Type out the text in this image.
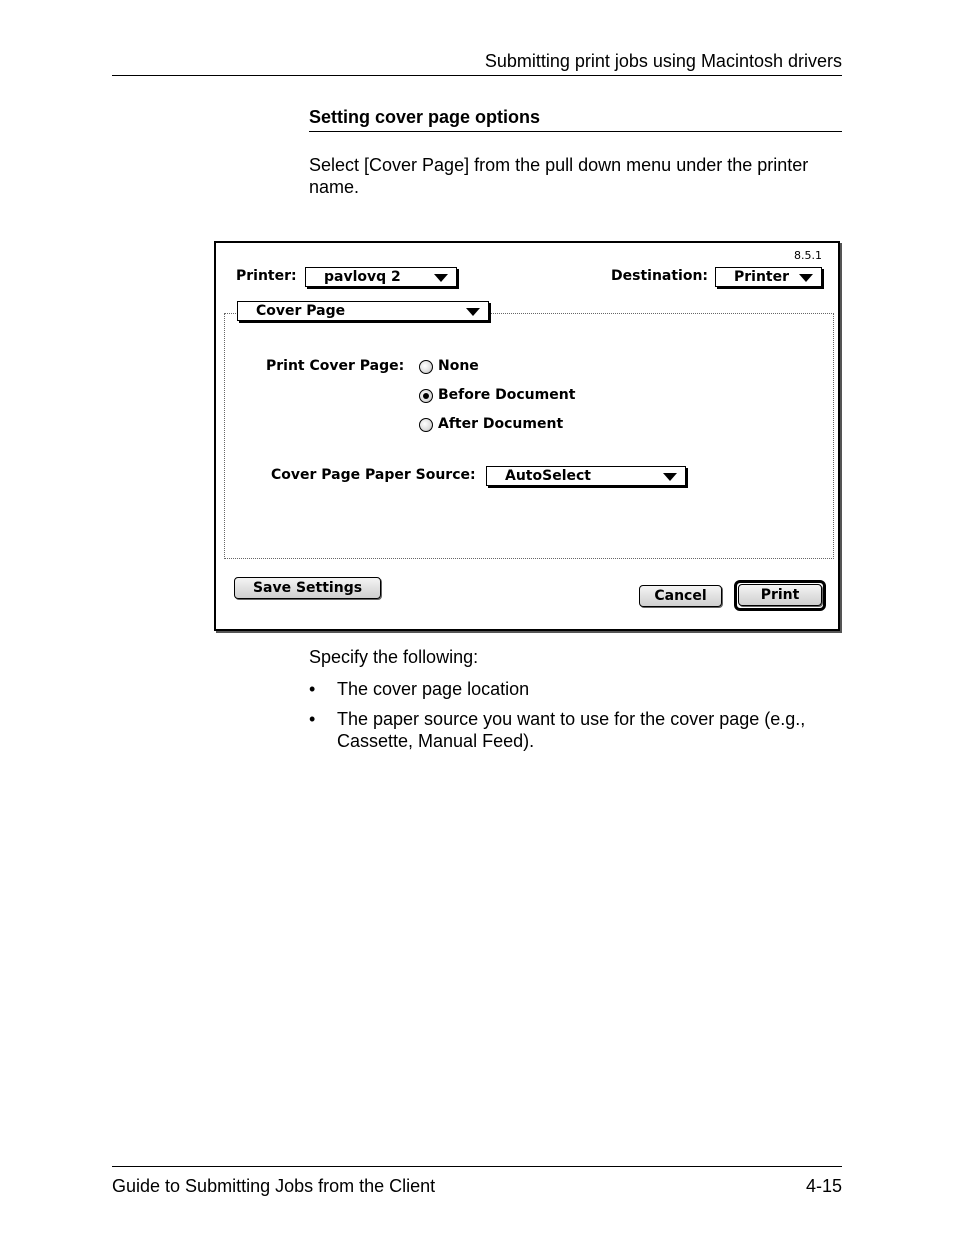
Submitting print jobs using Macintosh drivers
Setting cover page options
Select [Cover Page] from the pull down menu under the printer name.
8.5.1
Printer: pavlovq 2	Destination: Printer
Cover Page
Print Cover Page: None
Before Document
After Document
Cover Page Paper Source: AutoSelect
Save Settings	Cancel	Print
Specify the following:
• The cover page location
• The paper source you want to use for the cover page (e.g., Cassette, Manual Feed).
Guide to Submitting Jobs from the Client	4-15
